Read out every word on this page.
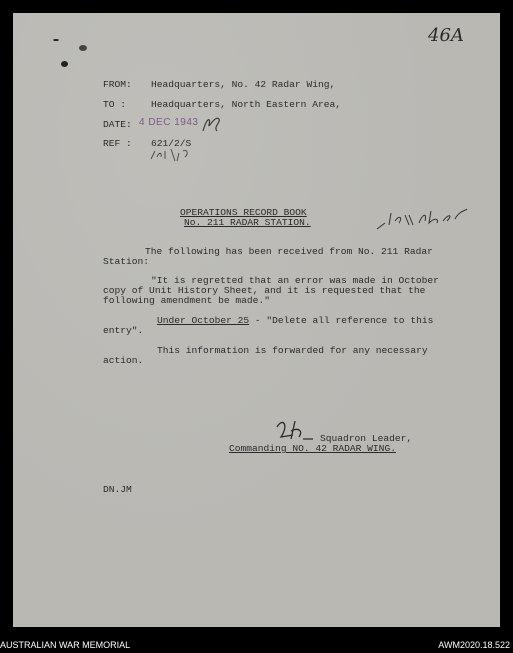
46A
FROM: Headquarters, No. 42 Radar Wing,
TO :	Headquarters, North Eastern Area,
DATE: 4 DEC 1943
REF : 621/2/S
OPERATIONS RECORD BOOK
No. 211 RADAR STATION.
The following has been received from No. 211 Radar
Station:
"It is regretted that an error was made in October
copy of Unit History Sheet, and it is requested that the
following amendment be made."
Under October 25 - "Delete all reference to this
entry".
This information is forwarded for any necessary
action.
Squadron Leader,
Commanding NO. 42 RADAR WING.
DN.JM
AUSTRALIAN WAR MEMORIAL	AWM2020.18.522
